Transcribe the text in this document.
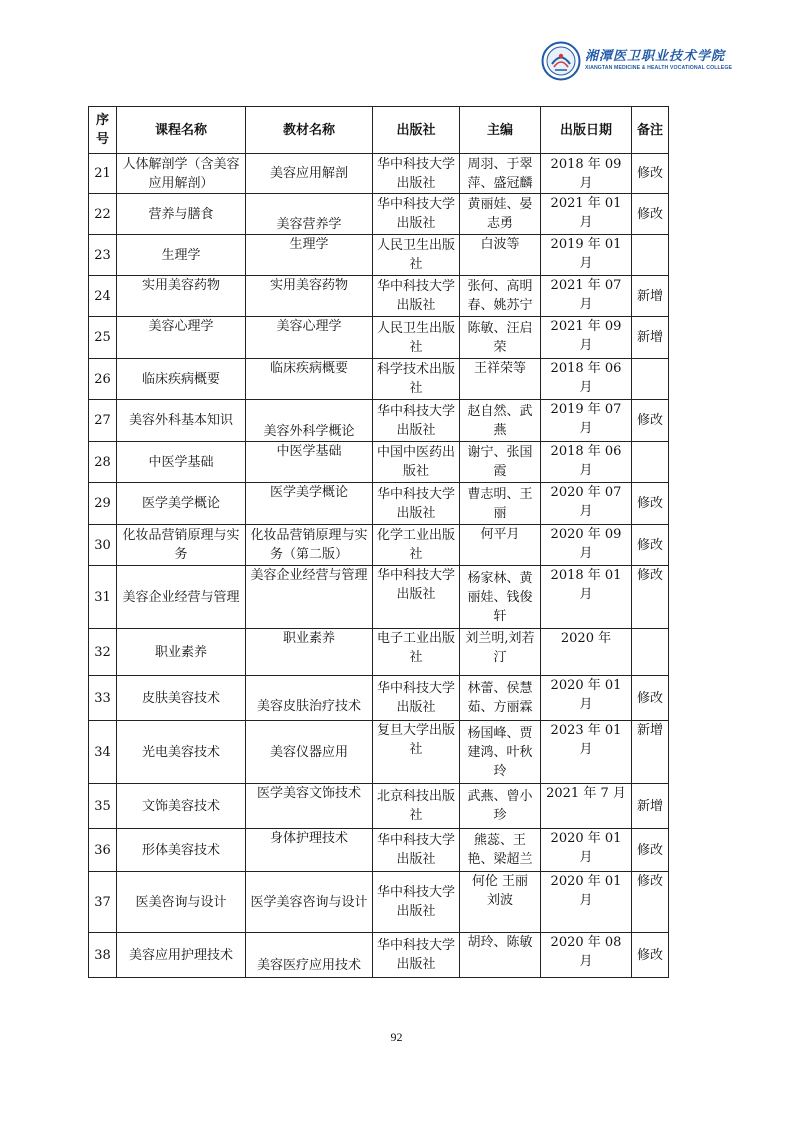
湘潭医卫职业技术学院
XIANGTAN MEDICINE & HEALTH VOCATIONAL COLLEGE
序号	课程名称	教材名称	出版社	主编	出版日期	备注
21	人体解剖学（含美容应用解剖）	美容应用解剖	华中科技大学出版社	周羽、于翠萍、盛冠麟	2018 年 09 月	修改
22	营养与膳食	美容营养学	华中科技大学出版社	黄丽娃、晏志勇	2021 年 01 月	修改
23	生理学	生理学	人民卫生出版社	白波等	2019 年 01 月	
24	实用美容药物	实用美容药物	华中科技大学出版社	张何、高明春、姚苏宁	2021 年 07 月	新增
25	美容心理学	美容心理学	人民卫生出版社	陈敏、汪启荣	2021 年 09 月	新增
26	临床疾病概要	临床疾病概要	科学技术出版社	王祥荣等	2018 年 06 月	
27	美容外科基本知识	美容外科学概论	华中科技大学出版社	赵自然、武燕	2019 年 07 月	修改
28	中医学基础	中医学基础	中国中医药出版社	谢宁、张国霞	2018 年 06 月	
29	医学美学概论	医学美学概论	华中科技大学出版社	曹志明、王丽	2020 年 07 月	修改
30	化妆品营销原理与实务	化妆品营销原理与实务（第二版）	化学工业出版社	何平月	2020 年 09 月	修改
31	美容企业经营与管理	美容企业经营与管理	华中科技大学出版社	杨家林、黄丽娃、钱俊轩	2018 年 01 月	修改
32	职业素养	职业素养	电子工业出版社	刘兰明,刘若汀	2020 年	
33	皮肤美容技术	美容皮肤治疗技术	华中科技大学出版社	林蕾、侯慧茹、方丽霖	2020 年 01 月	修改
34	光电美容技术	美容仪器应用	复旦大学出版社	杨国峰、贾建鸿、叶秋玲	2023 年 01 月	新增
35	文饰美容技术	医学美容文饰技术	北京科技出版社	武燕、曾小珍	2021 年 7 月	新增
36	形体美容技术	身体护理技术	华中科技大学出版社	熊蕊、王艳、梁超兰	2020 年 01 月	修改
37	医美咨询与设计	医学美容咨询与设计	华中科技大学出版社	何伦 王丽 刘波	2020 年 01 月	修改
38	美容应用护理技术	美容医疗应用技术	华中科技大学出版社	胡玲、陈敏	2020 年 08 月	修改
92
